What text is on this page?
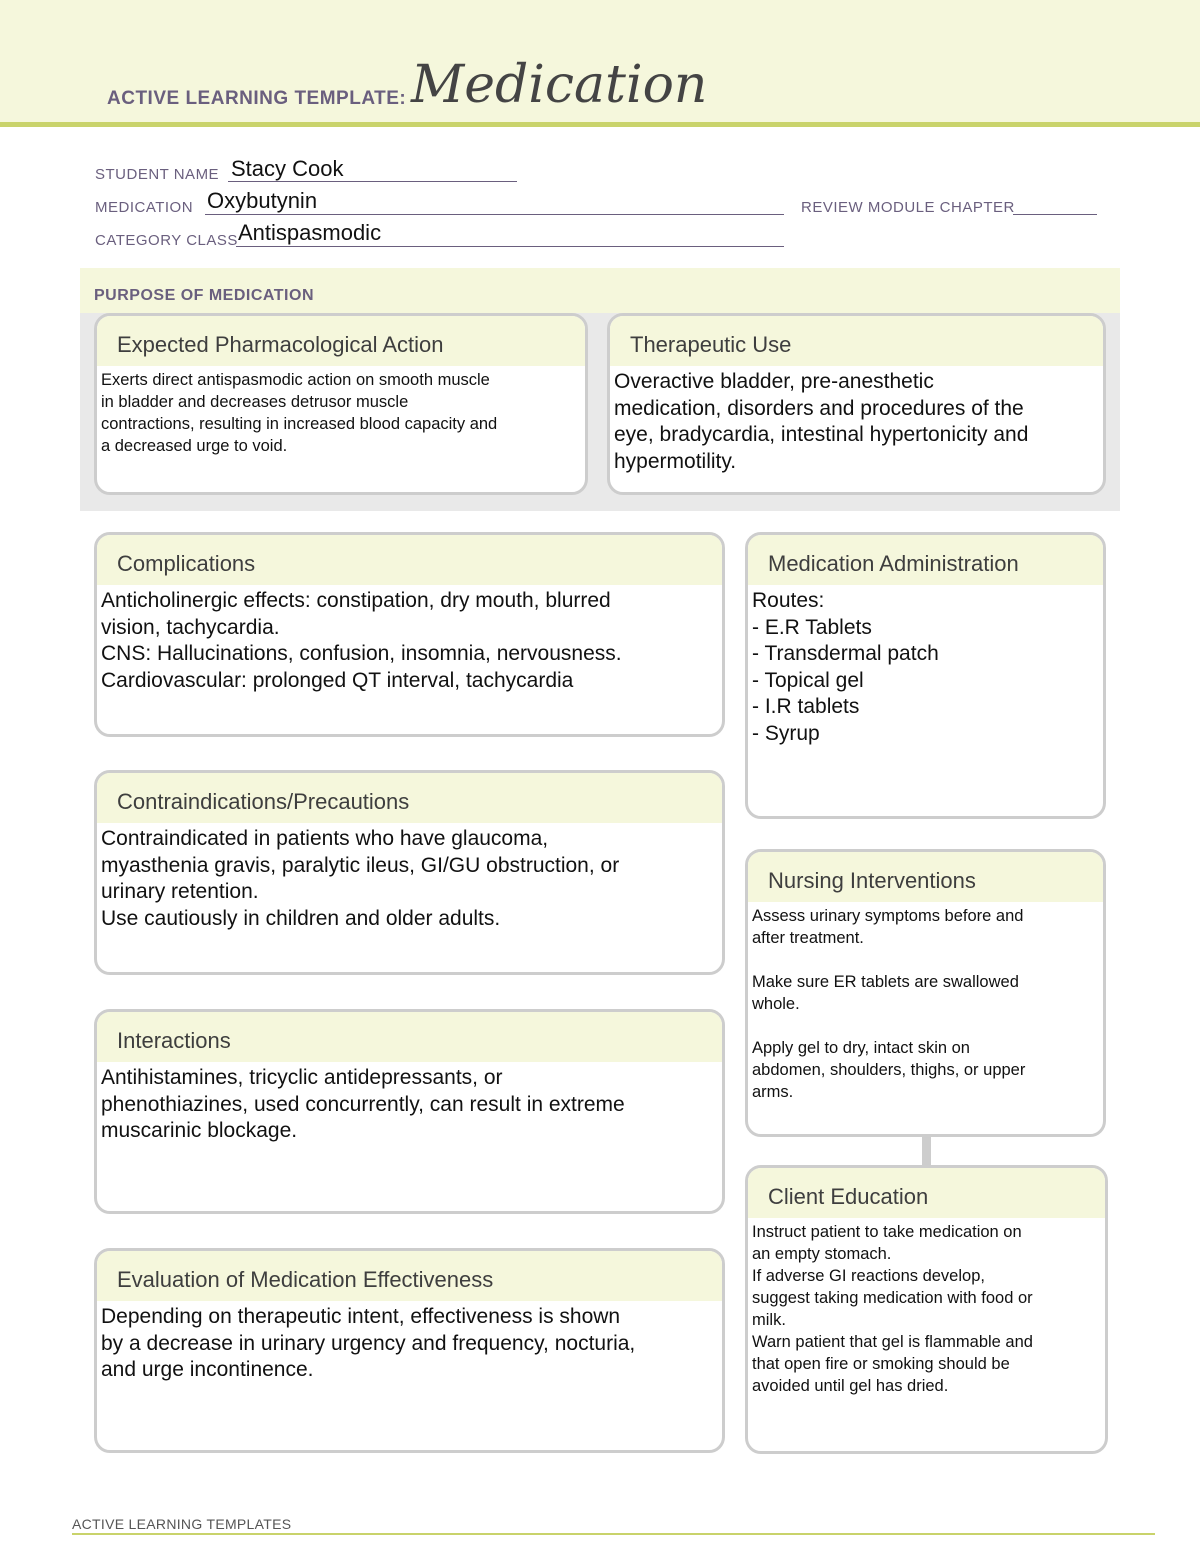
ACTIVE LEARNING TEMPLATE: Medication
STUDENT NAME Stacy Cook
MEDICATION Oxybutynin	REVIEW MODULE CHAPTER
CATEGORY CLASS Antispasmodic
PURPOSE OF MEDICATION
Expected Pharmacological Action
Exerts direct antispasmodic action on smooth muscle
in bladder and decreases detrusor muscle
contractions, resulting in increased blood capacity and
a decreased urge to void.
Therapeutic Use
Overactive bladder, pre-anesthetic
medication, disorders and procedures of the
eye, bradycardia, intestinal hypertonicity and
hypermotility.
Complications
Anticholinergic effects: constipation, dry mouth, blurred
vision, tachycardia.
CNS: Hallucinations, confusion, insomnia, nervousness.
Cardiovascular: prolonged QT interval, tachycardia
Contraindications/Precautions
Contraindicated in patients who have glaucoma,
myasthenia gravis, paralytic ileus, GI/GU obstruction, or
urinary retention.
Use cautiously in children and older adults.
Interactions
Antihistamines, tricyclic antidepressants, or
phenothiazines, used concurrently, can result in extreme
muscarinic blockage.
Evaluation of Medication Effectiveness
Depending on therapeutic intent, effectiveness is shown
by a decrease in urinary urgency and frequency, nocturia,
and urge incontinence.
Medication Administration
Routes:
- E.R Tablets
- Transdermal patch
- Topical gel
- I.R tablets
- Syrup
Nursing Interventions
Assess urinary symptoms before and
after treatment.

Make sure ER tablets are swallowed
whole.

Apply gel to dry, intact skin on
abdomen, shoulders, thighs, or upper
arms.
Client Education
Instruct patient to take medication on
an empty stomach.
If adverse GI reactions develop,
suggest taking medication with food or
milk.
Warn patient that gel is flammable and
that open fire or smoking should be
avoided until gel has dried.
ACTIVE LEARNING TEMPLATES
